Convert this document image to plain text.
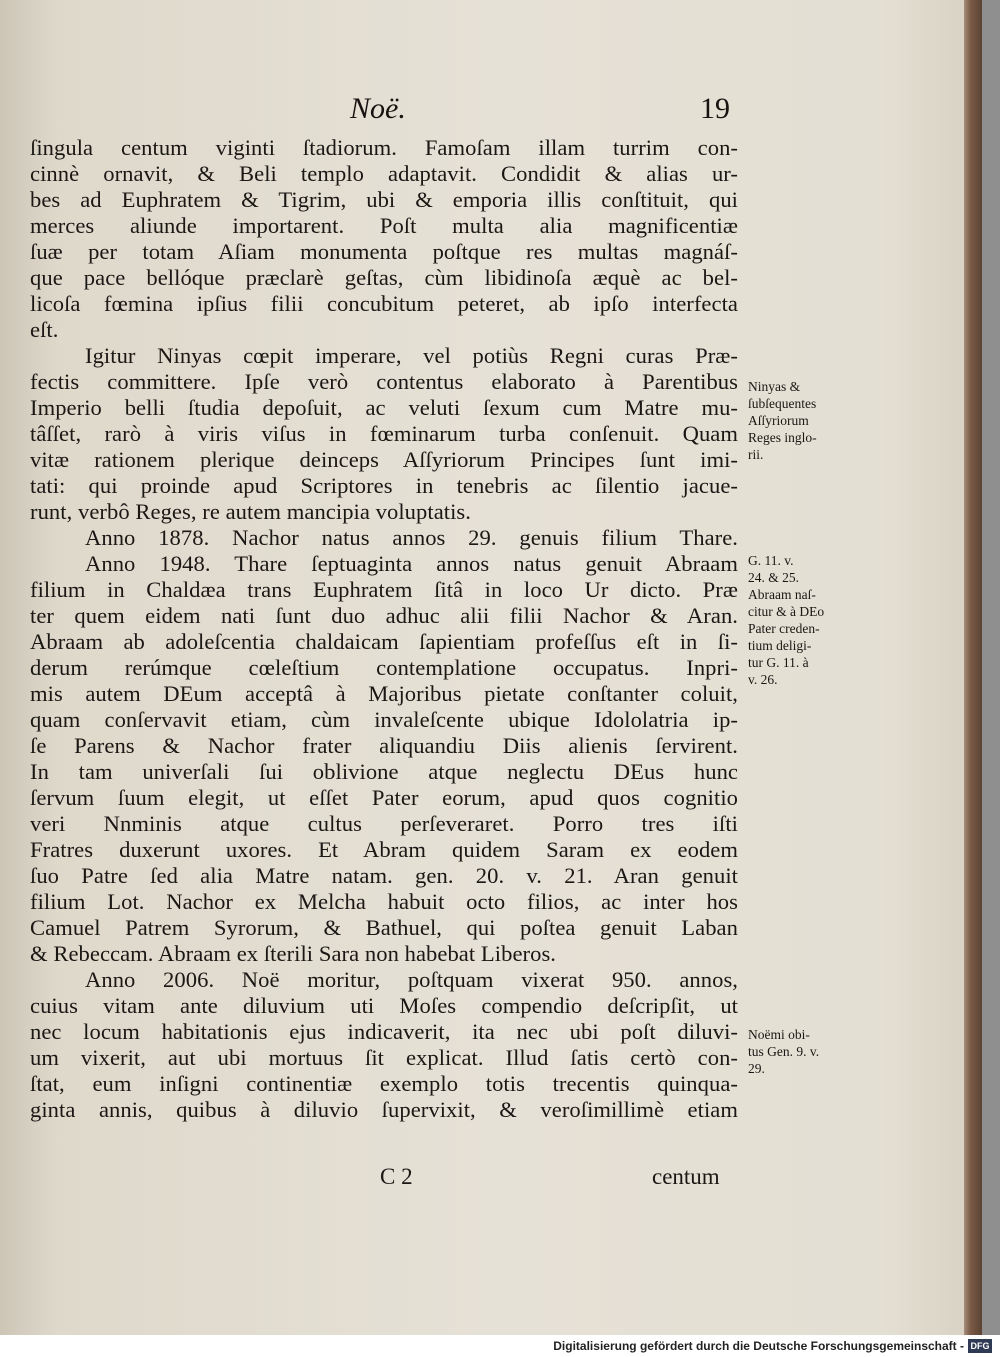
Noë.	19
ſingula centum viginti ſtadiorum. Famoſam illam turrim con-
cinnè ornavit, & Beli templo adaptavit. Condidit & alias ur-
bes ad Euphratem & Tigrim, ubi & emporia illis conſtituit, qui
merces aliunde importarent. Poſt multa alia magnificentiæ
ſuæ per totam Aſiam monumenta poſtque res multas magnáſ-
que pace bellóque præclarè geſtas, cùm libidinoſa æquè ac bel-
licoſa fœmina ipſius filii concubitum peteret, ab ipſo interfecta
eſt.
Igitur Ninyas cœpit imperare, vel potiùs Regni curas Præ-
fectis committere. Ipſe verò contentus elaborato à Parentibus
Imperio belli ſtudia depoſuit, ac veluti ſexum cum Matre mu-
tâſſet, rarò à viris viſus in fœminarum turba conſenuit. Quam
vitæ rationem plerique deinceps Aſſyriorum Principes ſunt imi-
tati: qui proinde apud Scriptores in tenebris ac ſilentio jacue-
runt, verbô Reges, re autem mancipia voluptatis.
Anno 1878. Nachor natus annos 29. genuis filium Thare.
Anno 1948. Thare ſeptuaginta annos natus genuit Abraam
filium in Chaldæa trans Euphratem ſitâ in loco Ur dicto. Præ
ter quem eidem nati ſunt duo adhuc alii filii Nachor & Aran.
Abraam ab adoleſcentia chaldaicam ſapientiam profeſſus eſt in ſi-
derum rerúmque cœleſtium contemplatione occupatus. Inpri-
mis autem DEum acceptâ à Majoribus pietate conſtanter coluit,
quam conſervavit etiam, cùm invaleſcente ubique Idololatria ip-
ſe Parens & Nachor frater aliquandiu Diis alienis ſervirent.
In tam univerſali ſui oblivione atque neglectu DEus hunc
ſervum ſuum elegit, ut eſſet Pater eorum, apud quos cognitio
veri Nnminis atque cultus perſeveraret. Porro tres iſti
Fratres duxerunt uxores. Et Abram quidem Saram ex eodem
ſuo Patre ſed alia Matre natam. gen. 20. v. 21. Aran genuit
filium Lot. Nachor ex Melcha habuit octo filios, ac inter hos
Camuel Patrem Syrorum, & Bathuel, qui poſtea genuit Laban
& Rebeccam. Abraam ex ſterili Sara non habebat Liberos.
Anno 2006. Noë moritur, poſtquam vixerat 950. annos,
cuius vitam ante diluvium uti Moſes compendio deſcripſit, ut
nec locum habitationis ejus indicaverit, ita nec ubi poſt diluvi-
um vixerit, aut ubi mortuus ſit explicat. Illud ſatis certò con-
ſtat, eum inſigni continentiæ exemplo totis trecentis quinqua-
ginta annis, quibus à diluvio ſupervixit, & veroſimillimè etiam
C 2	centum
Ninyas &
ſubſequentes
Aſſyriorum
Reges inglo-
rii.
G. 11. v.
24. & 25.
Abraam naſ-
citur & à DEo
Pater creden-
tium deligi-
tur G. 11. à
v. 26.
Noëmi obi-
tus Gen. 9. v.
29.
Digitalisierung gefördert durch die Deutsche Forschungsgemeinschaft - DFG
